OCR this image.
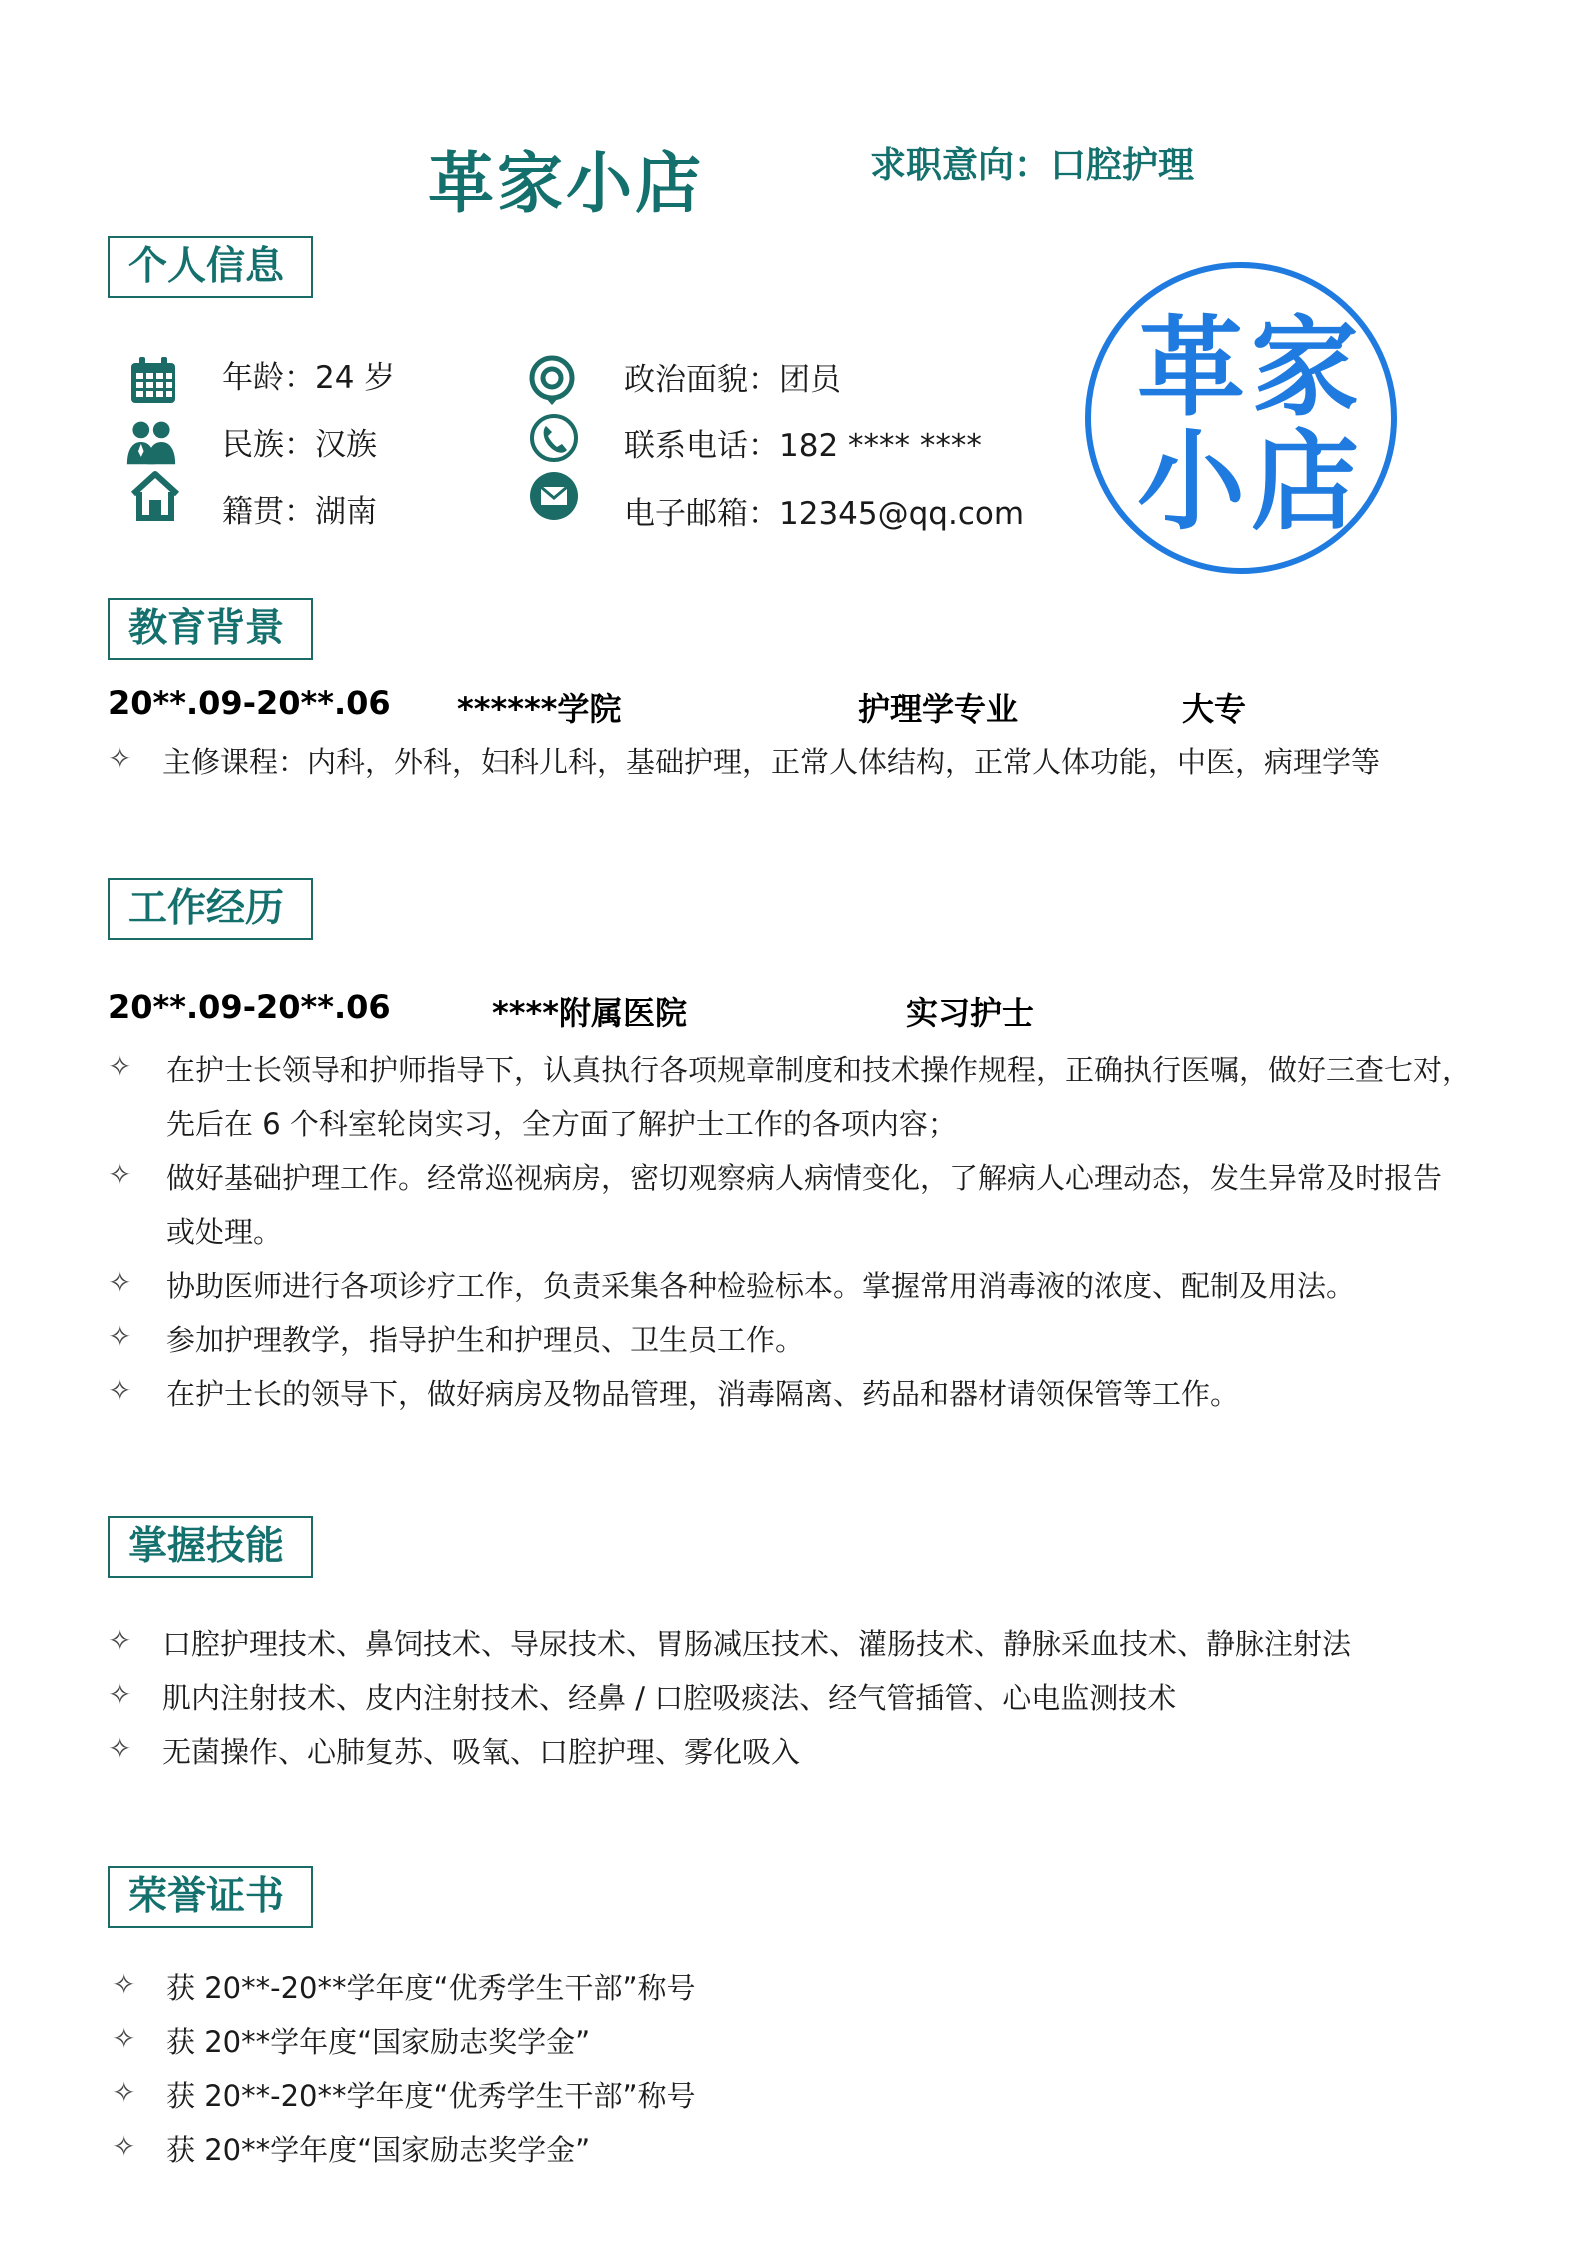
革家小店	求职意向：口腔护理
个人信息
年龄：24 岁
民族：汉族
籍贯：湖南
政治面貌：团员
联系电话：182 **** ****
电子邮箱：12345@qq.com
革 家
小 店
教育背景
20**.09-20**.06 ******学院	护理学专业	大专
✧ 主修课程：内科，外科，妇科儿科，基础护理，正常人体结构，正常人体功能，中医，病理学等
工作经历
20**.09-20**.06	****附属医院	实习护士
✧ 在护士长领导和护师指导下，认真执行各项规章制度和技术操作规程，正确执行医嘱，做好三查七对，
先后在 6 个科室轮岗实习，全方面了解护士工作的各项内容；
✧ 做好基础护理工作。经常巡视病房，密切观察病人病情变化，了解病人心理动态，发生异常及时报告
或处理。
✧ 协助医师进行各项诊疗工作，负责采集各种检验标本。掌握常用消毒液的浓度、配制及用法。
✧ 参加护理教学，指导护生和护理员、卫生员工作。
✧ 在护士长的领导下，做好病房及物品管理，消毒隔离、药品和器材请领保管等工作。
掌握技能
✧ 口腔护理技术、鼻饲技术、导尿技术、胃肠减压技术、灌肠技术、静脉采血技术、静脉注射法
✧ 肌内注射技术、皮内注射技术、经鼻 / 口腔吸痰法、经气管插管、心电监测技术
✧ 无菌操作、心肺复苏、吸氧、口腔护理、雾化吸入
荣誉证书
✧ 获 20**-20**学年度“优秀学生干部”称号
✧ 获 20**学年度“国家励志奖学金”
✧ 获 20**-20**学年度“优秀学生干部”称号
✧ 获 20**学年度“国家励志奖学金”
